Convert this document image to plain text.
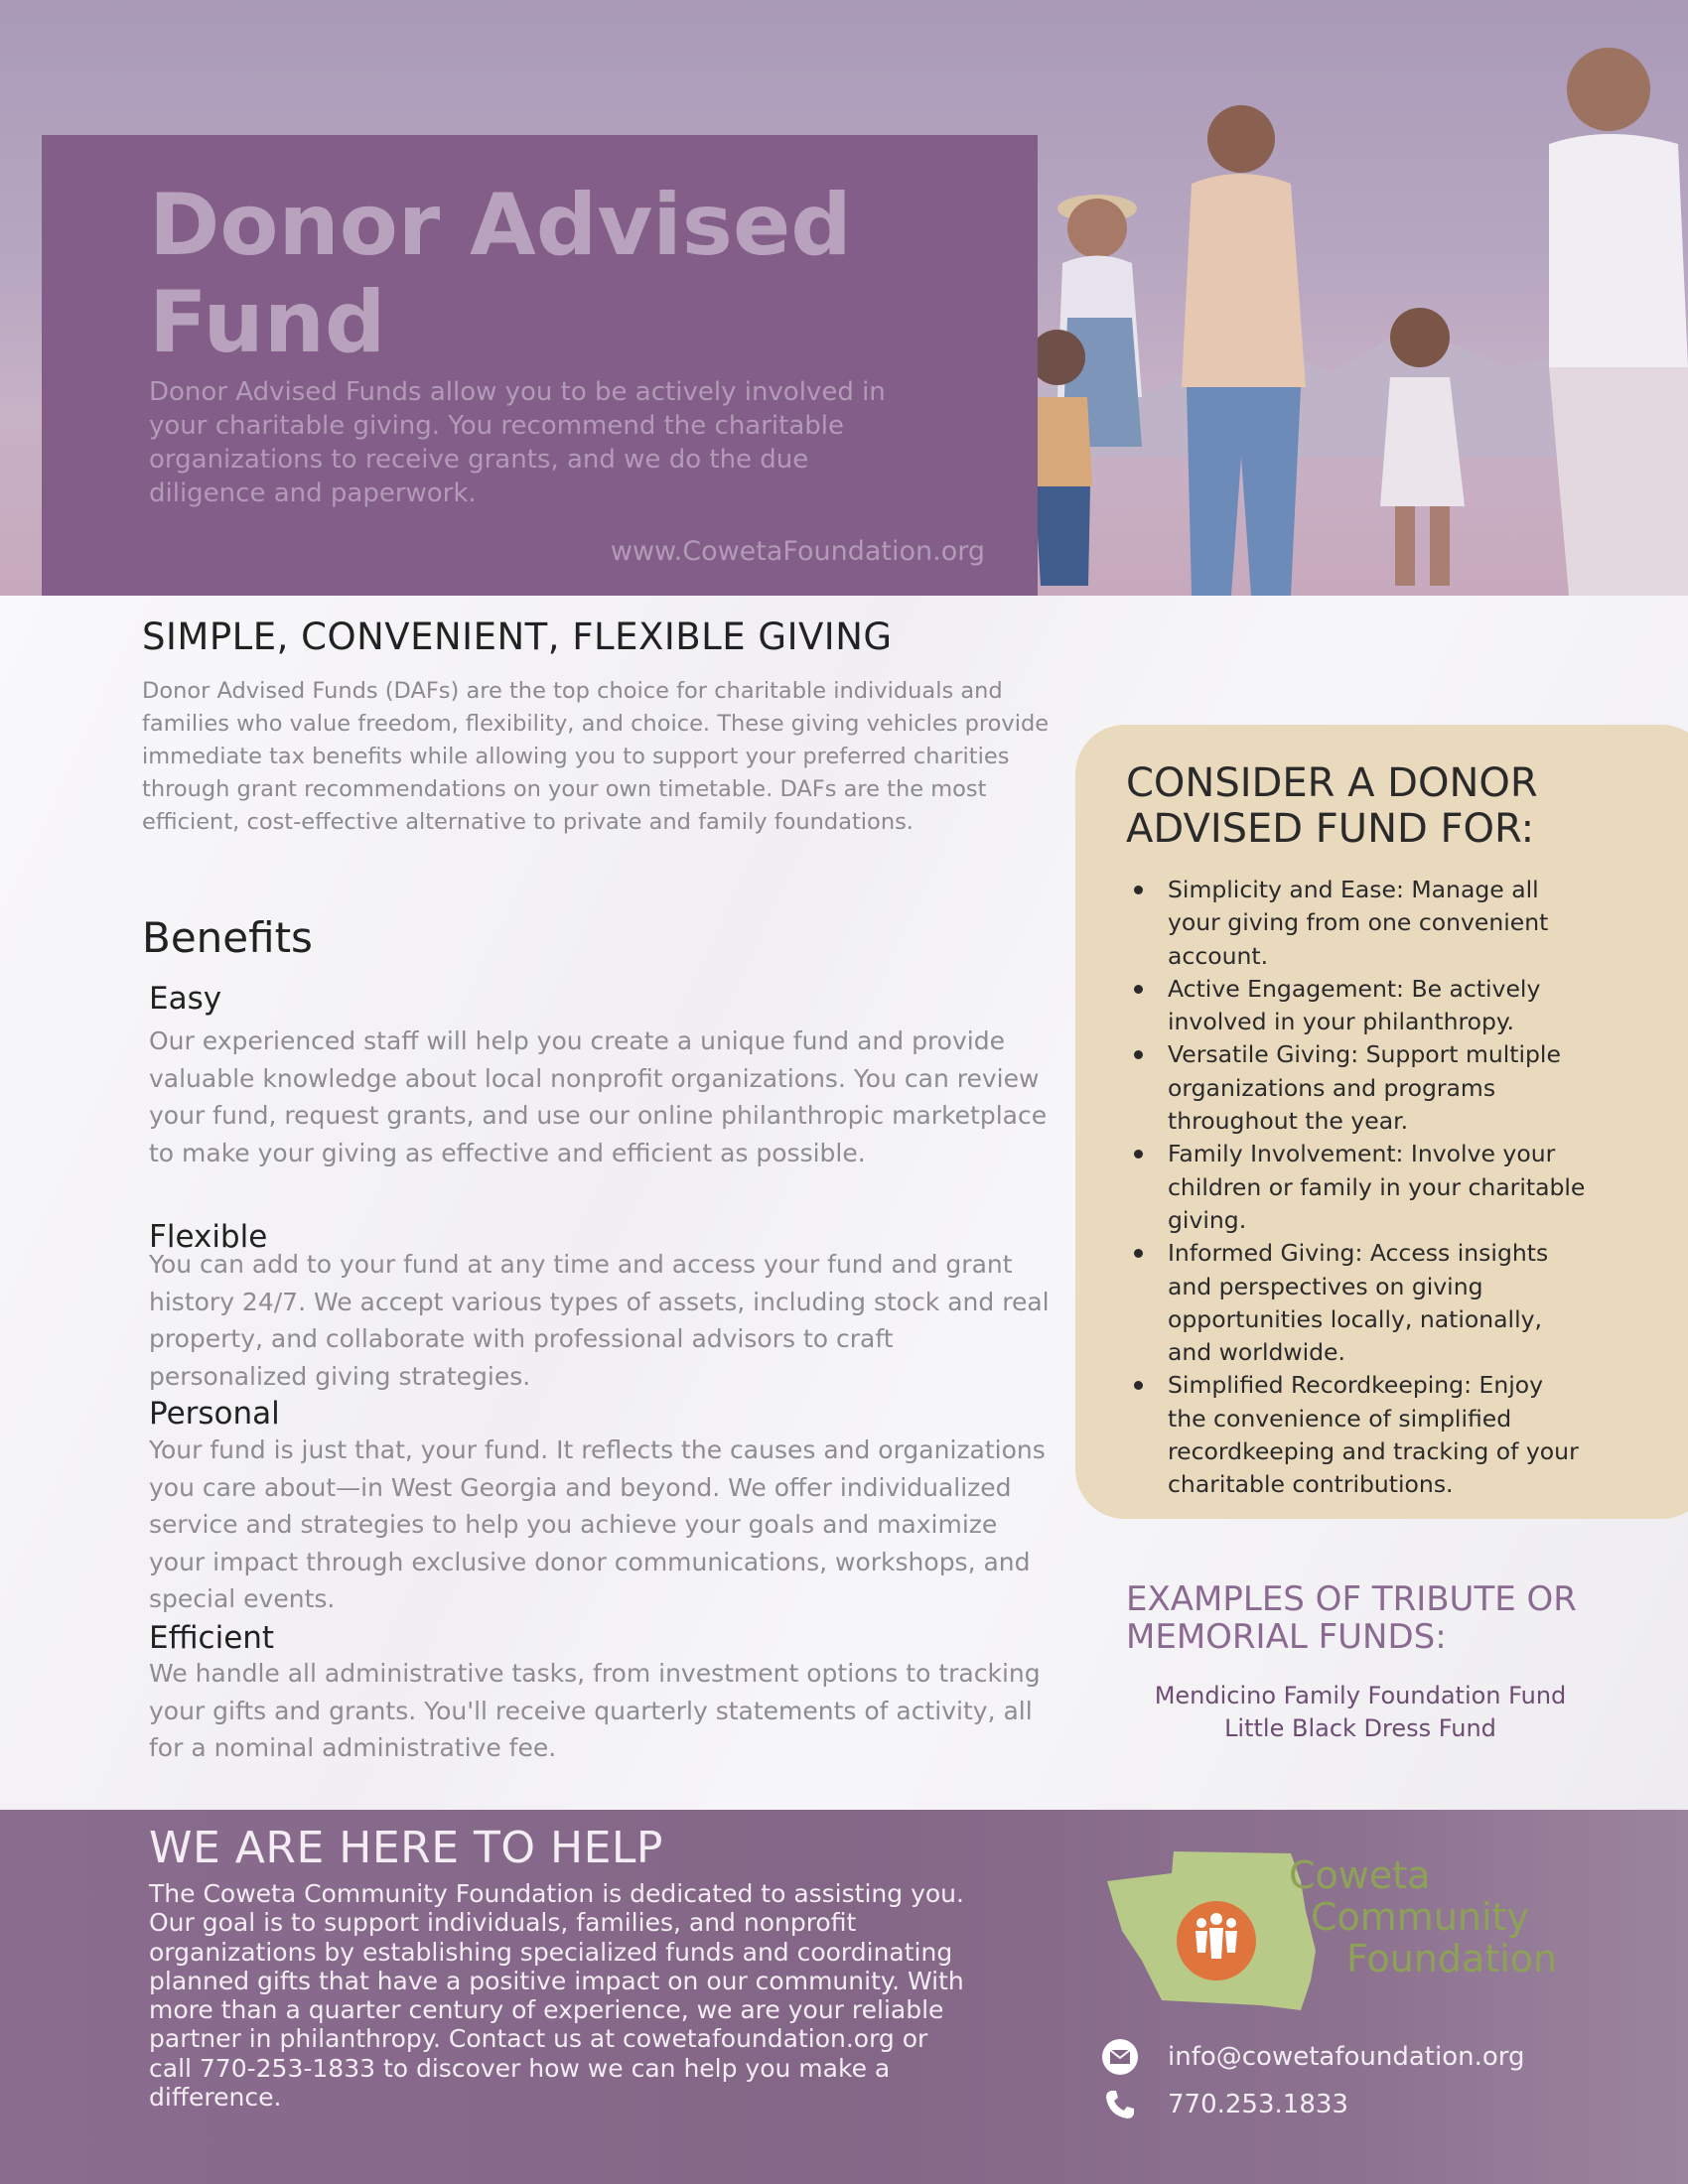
Donor Advised Fund

Donor Advised Funds allow you to be actively involved in your charitable giving. You recommend the charitable organizations to receive grants, and we do the due diligence and paperwork.

www.CowetaFoundation.org
SIMPLE, CONVENIENT, FLEXIBLE GIVING

Donor Advised Funds (DAFs) are the top choice for charitable individuals and families who value freedom, flexibility, and choice. These giving vehicles provide immediate tax benefits while allowing you to support your preferred charities through grant recommendations on your own timetable. DAFs are the most efficient, cost-effective alternative to private and family foundations.

Benefits
Easy

Our experienced staff will help you create a unique fund and provide valuable knowledge about local nonprofit organizations. You can review your fund, request grants, and use our online philanthropic marketplace to make your giving as effective and efficient as possible.

Flexible

You can add to your fund at any time and access your fund and grant history 24/7. We accept various types of assets, including stock and real property, and collaborate with professional advisors to craft personalized giving strategies.

Personal

Your fund is just that, your fund. It reflects the causes and organizations you care about—in West Georgia and beyond. We offer individualized service and strategies to help you achieve your goals and maximize your impact through exclusive donor communications, workshops, and special events.

Efficient

We handle all administrative tasks, from investment options to tracking your gifts and grants. You'll receive quarterly statements of activity, all for a nominal administrative fee.

CONSIDER A DONOR ADVISED FUND FOR:
Simplicity and Ease: Manage all your giving from one convenient account.
Active Engagement: Be actively involved in your philanthropy.
Versatile Giving: Support multiple organizations and programs throughout the year.
Family Involvement: Involve your children or family in your charitable giving.
Informed Giving: Access insights and perspectives on giving opportunities locally, nationally, and worldwide.
Simplified Recordkeeping: Enjoy the convenience of simplified recordkeeping and tracking of your charitable contributions.
EXAMPLES OF TRIBUTE OR MEMORIAL FUNDS:
Mendicino Family Foundation Fund
Little Black Dress Fund
WE ARE HERE TO HELP

The Coweta Community Foundation is dedicated to assisting you. Our goal is to support individuals, families, and nonprofit organizations by establishing specialized funds and coordinating planned gifts that have a positive impact on our community. With more than a quarter century of experience, we are your reliable partner in philanthropy. Contact us at cowetafoundation.org or call 770-253-1833 to discover how we can help you make a difference.

Coweta
Community
Foundation
info@cowetafoundation.org
770.253.1833
